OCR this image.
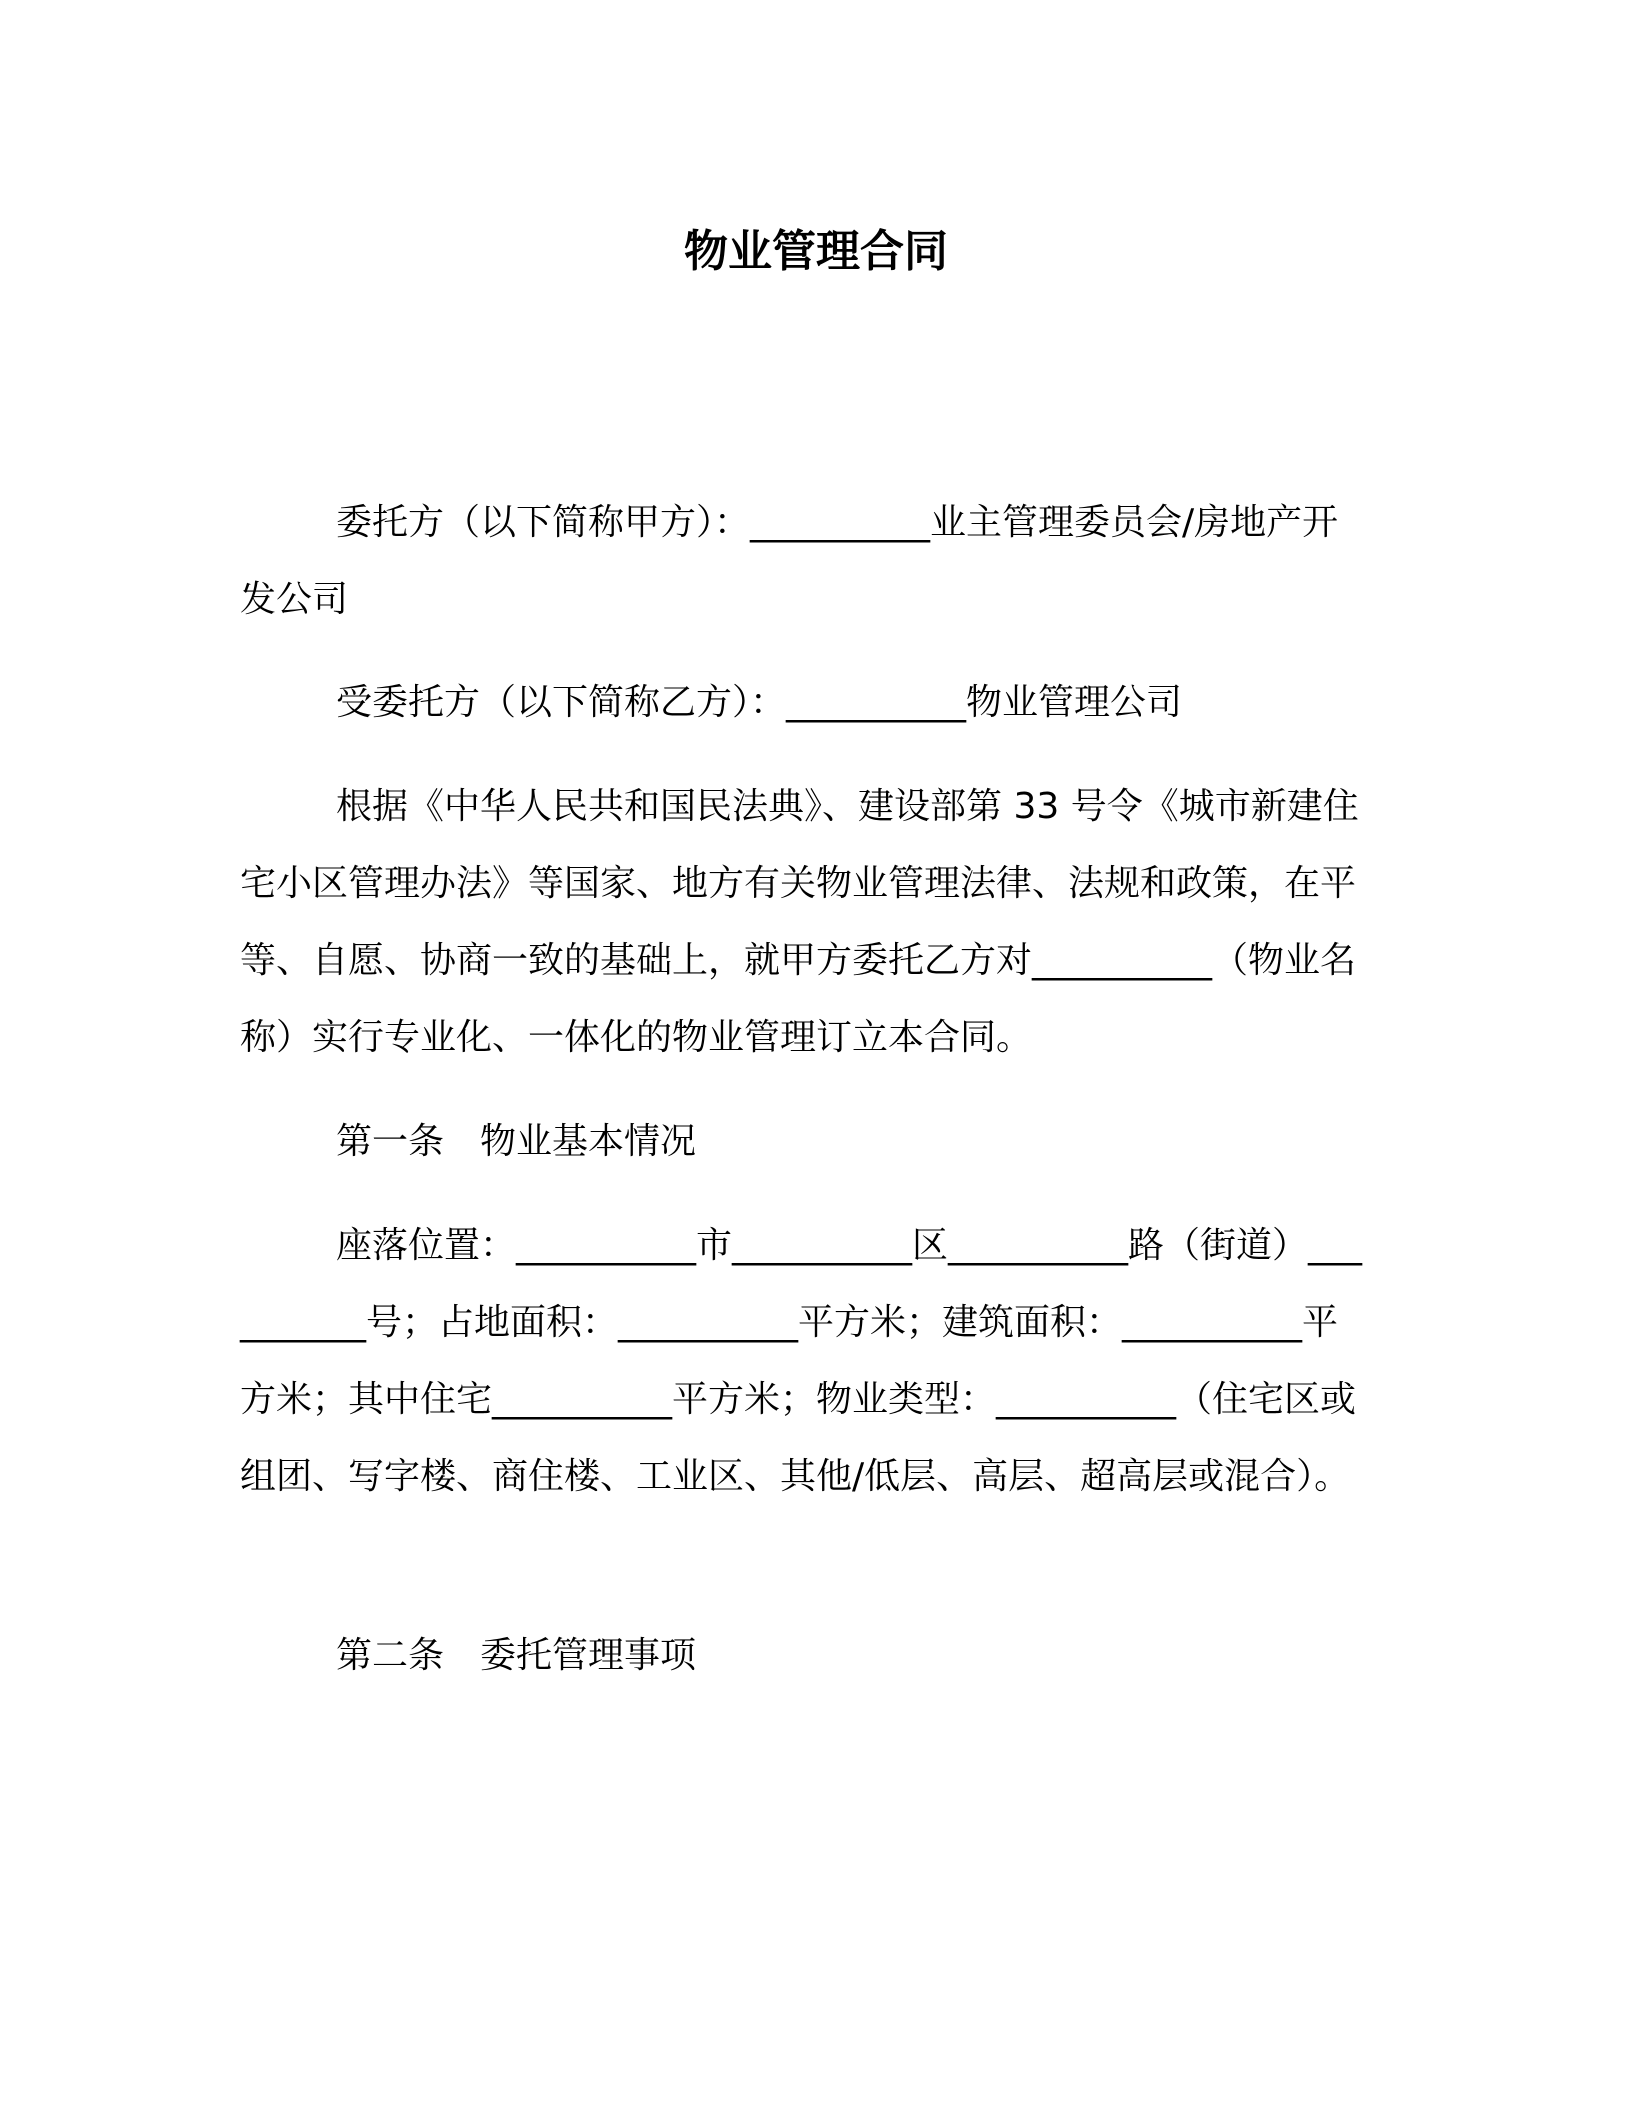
物业管理合同
委托方（以下简称甲方）：__________业主管理委员会/房地产开发公司
受委托方（以下简称乙方）：__________物业管理公司
根据《中华人民共和国民法典》、建设部第 33 号令《城市新建住宅小区管理办法》等国家、地方有关物业管理法律、法规和政策，在平等、自愿、协商一致的基础上，就甲方委托乙方对__________（物业名称）实行专业化、一体化的物业管理订立本合同。
第一条　物业基本情况
座落位置：__________市__________区__________路（街道）__________号；占地面积：__________平方米；建筑面积：__________平方米；其中住宅__________平方米；物业类型：__________（住宅区或组团、写字楼、商住楼、工业区、其他/低层、高层、超高层或混合）。
第二条　委托管理事项
